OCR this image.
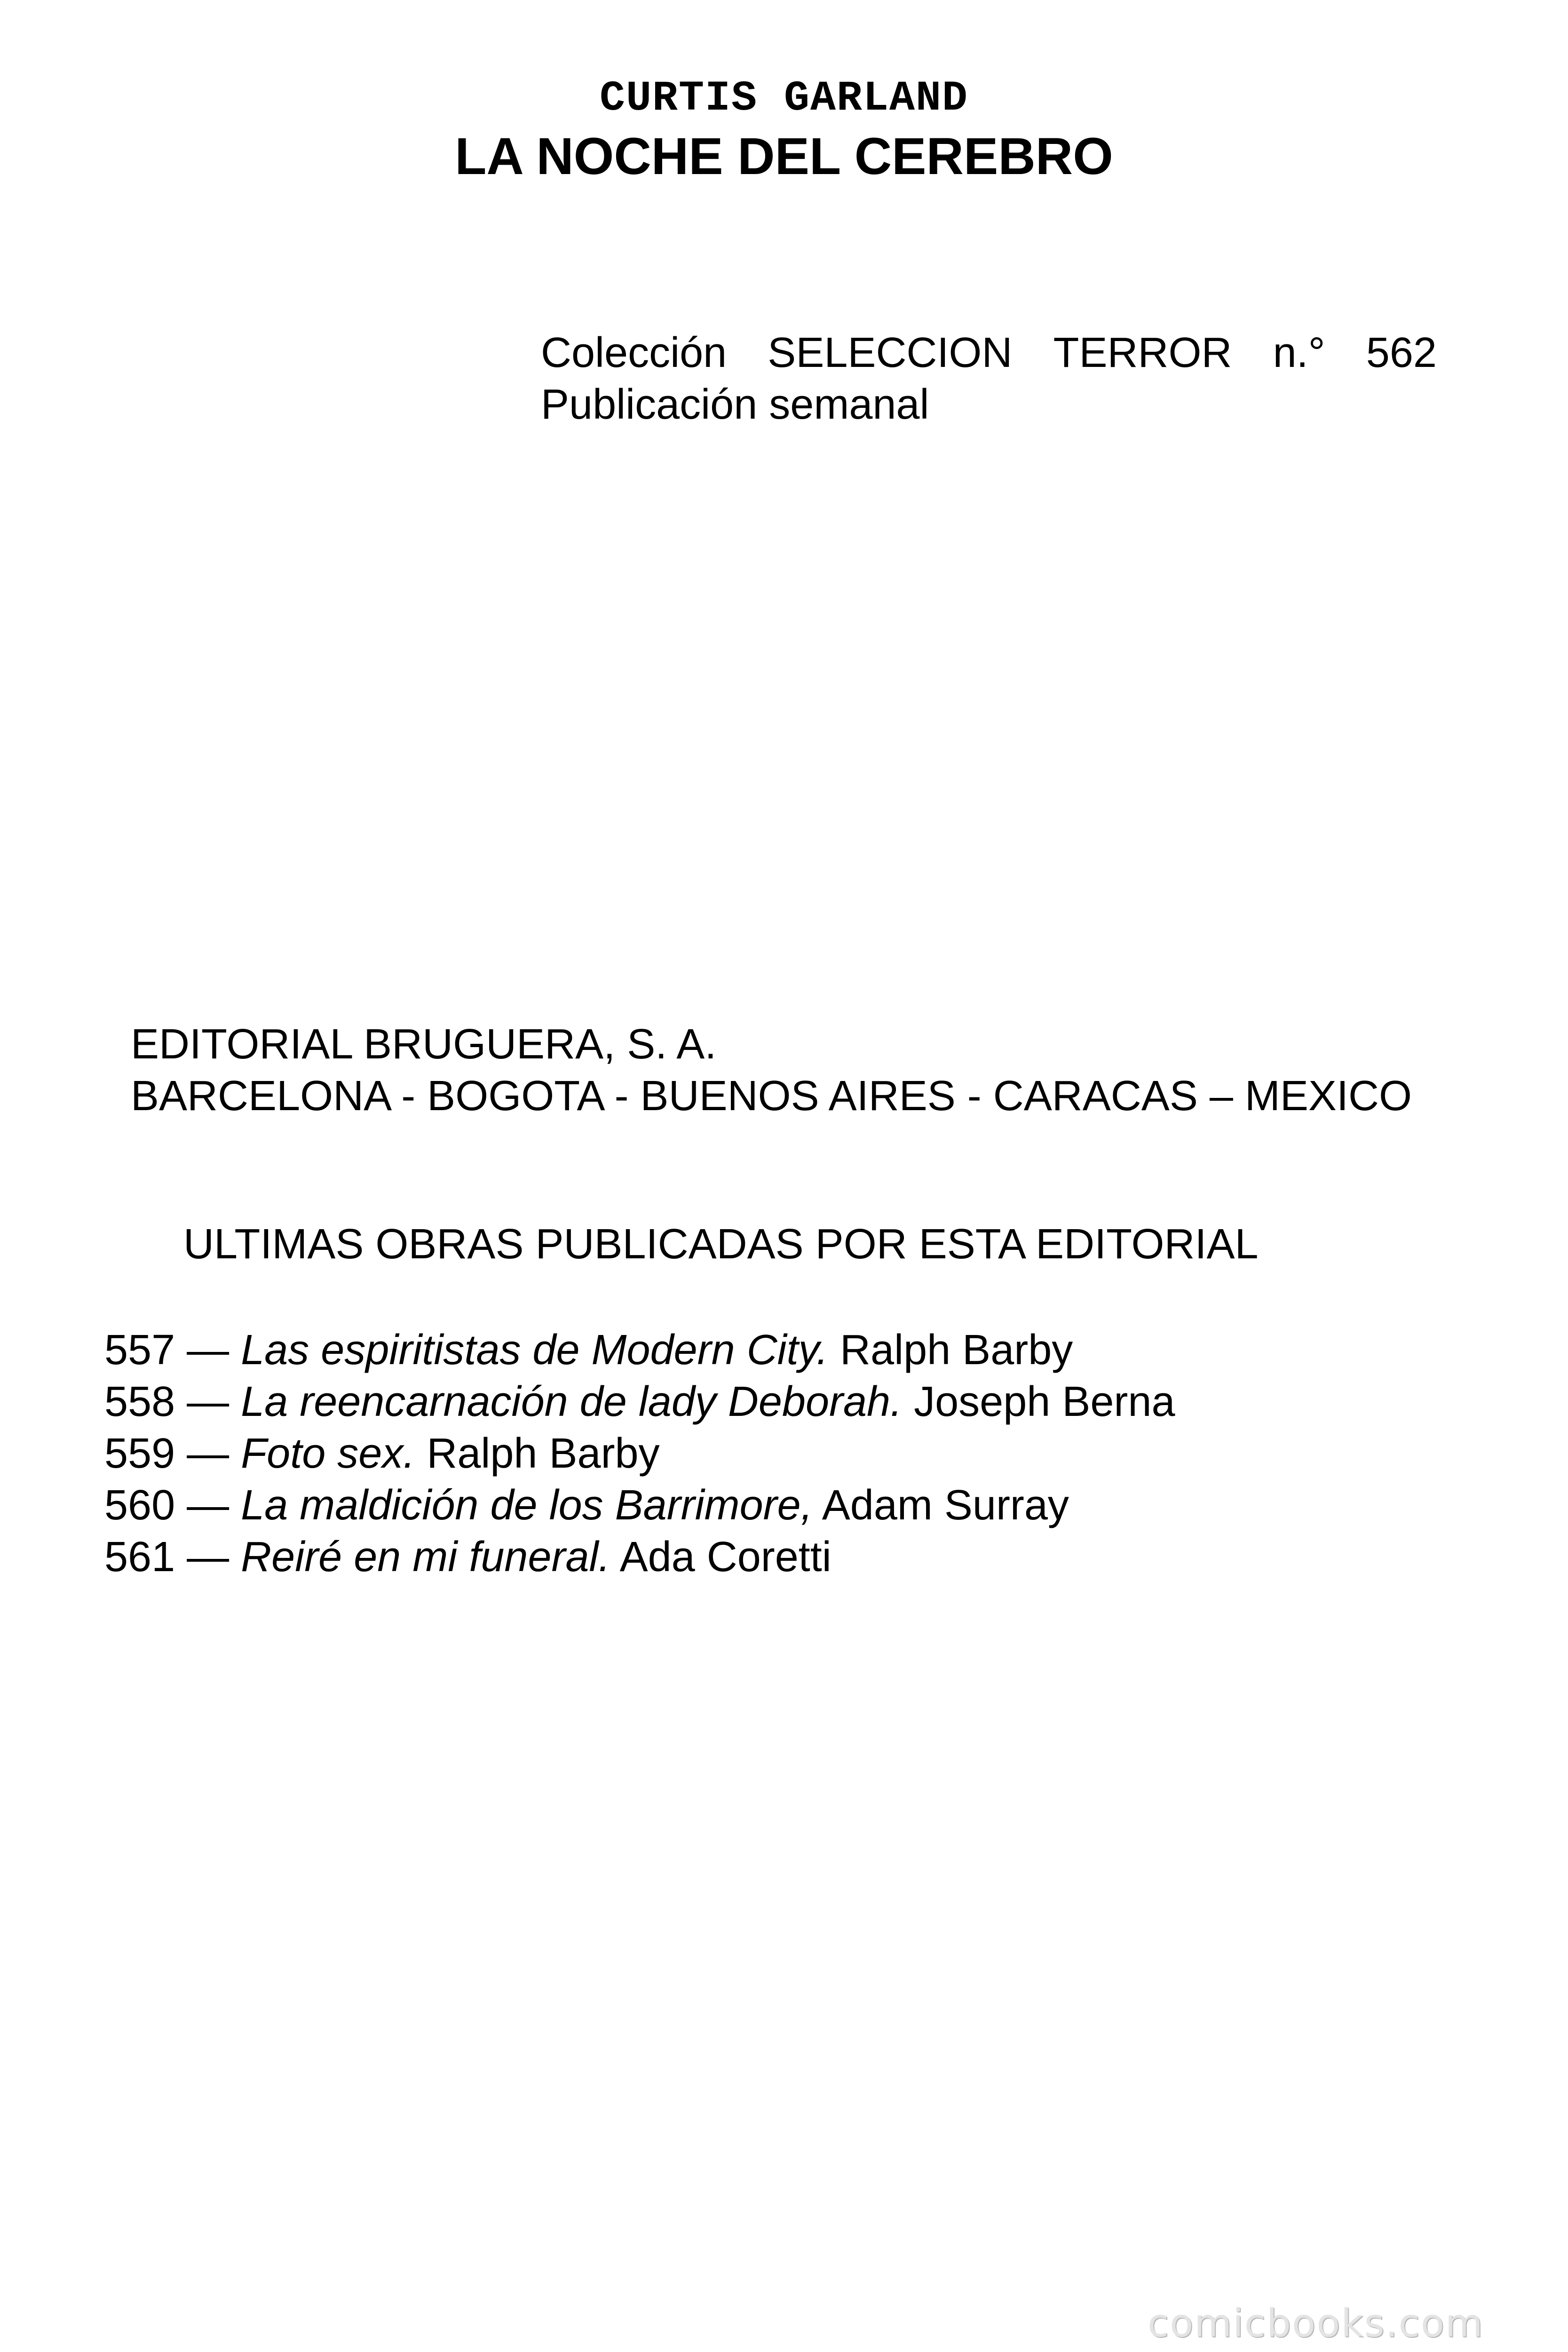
CURTIS GARLAND
LA NOCHE DEL CEREBRO
Colección SELECCION TERROR n.° 562
Publicación semanal
EDITORIAL BRUGUERA, S. A.
BARCELONA - BOGOTA - BUENOS AIRES - CARACAS – MEXICO
ULTIMAS OBRAS PUBLICADAS POR ESTA EDITORIAL
557 — Las espiritistas de Modern City. Ralph Barby
558 — La reencarnación de lady Deborah. Joseph Berna
559 — Foto sex. Ralph Barby
560 — La maldición de los Barrimore, Adam Surray
561 — Reiré en mi funeral. Ada Coretti
comicbooks.com
